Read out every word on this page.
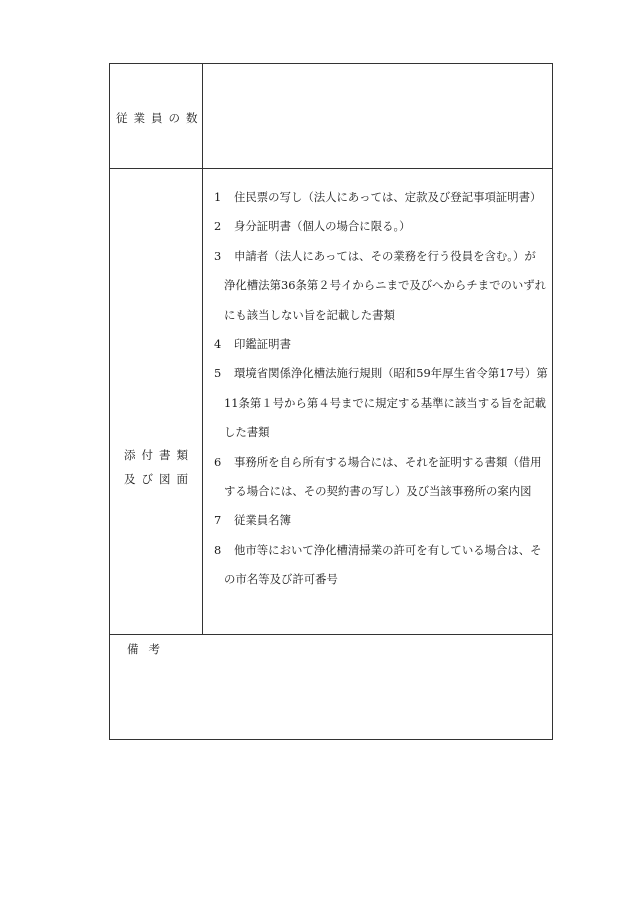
従業員の数
添付書類
及び図面
1 住民票の写し（法人にあっては、定款及び登記事項証明書）
2 身分証明書（個人の場合に限る。）
3 申請者（法人にあっては、その業務を行う役員を含む。）が
浄化槽法第36条第２号イからニまで及びへからチまでのいずれ
にも該当しない旨を記載した書類
4 印鑑証明書
5 環境省関係浄化槽法施行規則（昭和59年厚生省令第17号）第
11条第１号から第４号までに規定する基準に該当する旨を記載
した書類
6 事務所を自ら所有する場合には、それを証明する書類（借用
する場合には、その契約書の写し）及び当該事務所の案内図
7 従業員名簿
8 他市等において浄化槽清掃業の許可を有している場合は、そ
の市名等及び許可番号
備考
